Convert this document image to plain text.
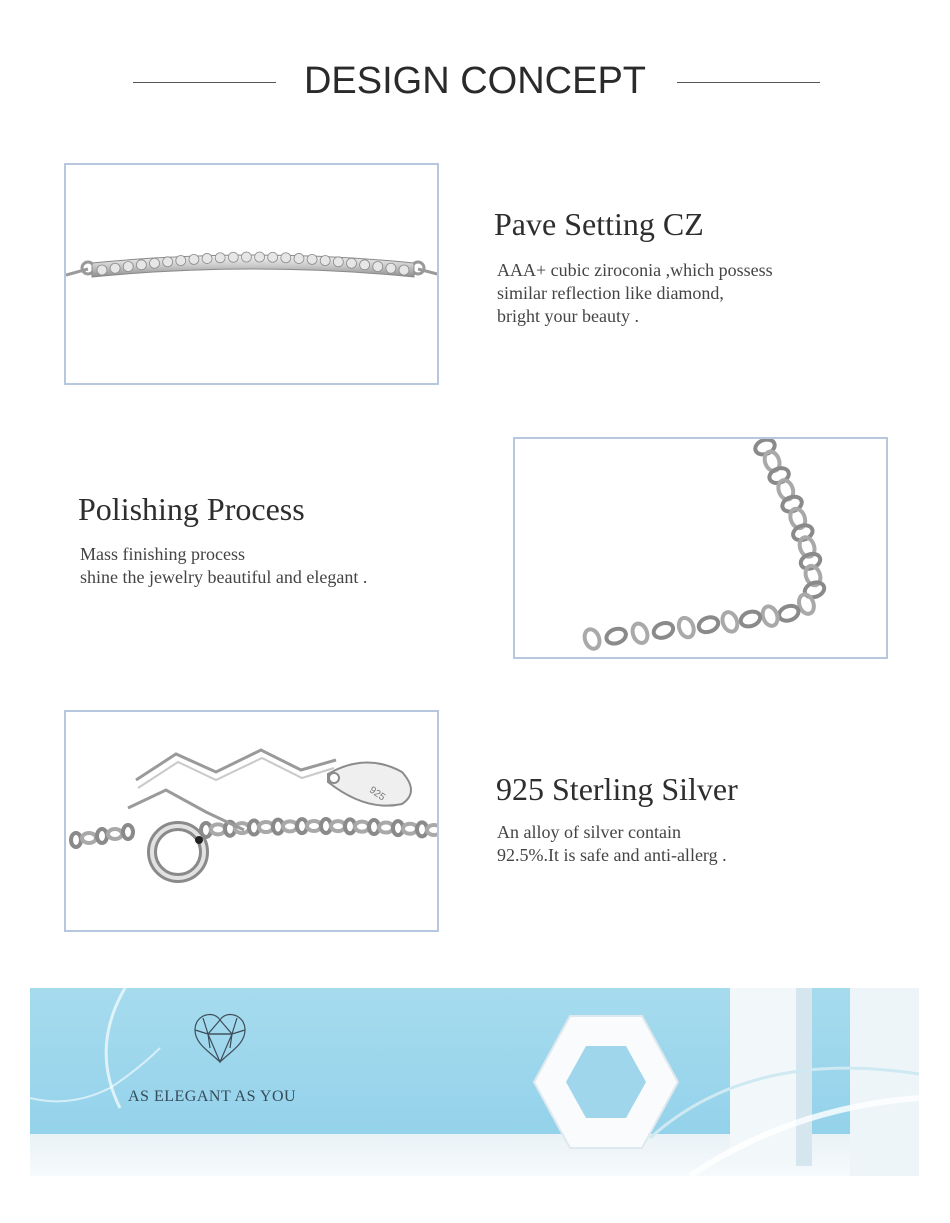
DESIGN CONCEPT
Pave Setting CZ
AAA+ cubic ziroconia ,which possess
similar reflection like diamond,
bright your beauty .
Polishing Process
Mass finishing process
shine the jewelry beautiful and elegant .
925	925 Sterling Silver
An alloy of silver contain
92.5%.It is safe and anti-allerg .
AS ELEGANT AS YOU
